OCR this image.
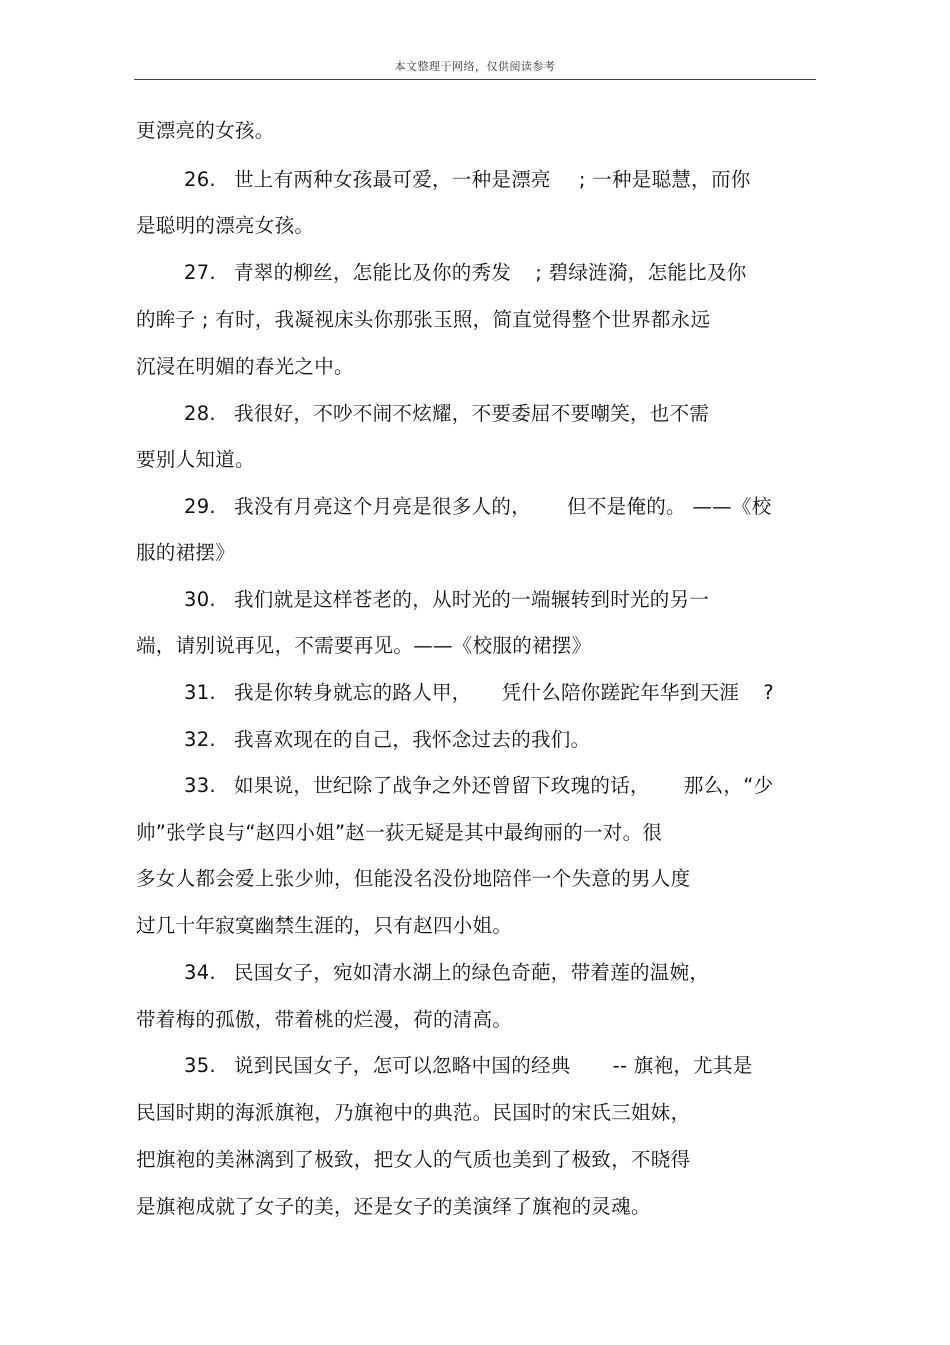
本文整理于网络，仅供阅读参考
更漂亮的女孩。
26. 世上有两种女孩最可爱，一种是漂亮 ; 一种是聪慧，而你
是聪明的漂亮女孩。
27. 青翠的柳丝，怎能比及你的秀发 ; 碧绿涟漪，怎能比及你
的眸子 ; 有时，我凝视床头你那张玉照，简直觉得整个世界都永远
沉浸在明媚的春光之中。
28. 我很好，不吵不闹不炫耀，不要委屈不要嘲笑，也不需
要别人知道。
29. 我没有月亮这个月亮是很多人的， 但不是俺的。 ——《校
服的裙摆》
30. 我们就是这样苍老的，从时光的一端辗转到时光的另一
端，请别说再见，不需要再见。——《校服的裙摆》
31. 我是你转身就忘的路人甲， 凭什么陪你蹉跎年华到天涯 ?
32. 我喜欢现在的自己，我怀念过去的我们。
33. 如果说，世纪除了战争之外还曾留下玫瑰的话， 那么，“少
帅”张学良与“赵四小姐”赵一荻无疑是其中最绚丽的一对。很
多女人都会爱上张少帅，但能没名没份地陪伴一个失意的男人度
过几十年寂寞幽禁生涯的，只有赵四小姐。
34. 民国女子，宛如清水湖上的绿色奇葩，带着莲的温婉，
带着梅的孤傲，带着桃的烂漫，荷的清高。
35. 说到民国女子，怎可以忽略中国的经典 -- 旗袍，尤其是
民国时期的海派旗袍，乃旗袍中的典范。民国时的宋氏三姐妹，
把旗袍的美淋漓到了极致，把女人的气质也美到了极致，不晓得
是旗袍成就了女子的美，还是女子的美演绎了旗袍的灵魂。
